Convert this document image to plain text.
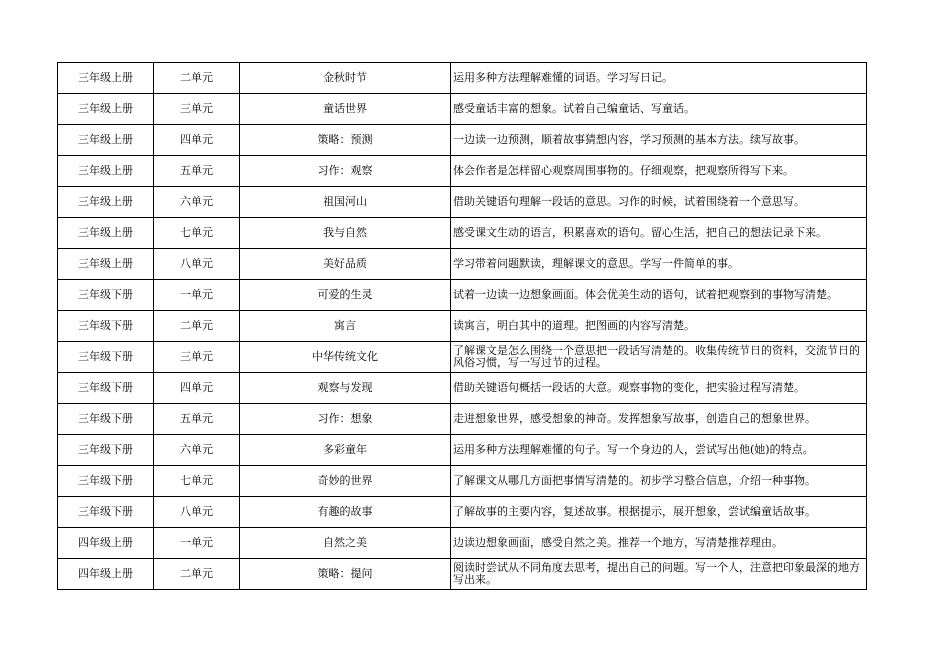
三年级上册	二单元	金秋时节	运用多种方法理解难懂的词语。学习写日记。
三年级上册	三单元	童话世界	感受童话丰富的想象。试着自己编童话、写童话。
三年级上册	四单元	策略：预测	一边读一边预测，顺着故事猜想内容，学习预测的基本方法。续写故事。
三年级上册	五单元	习作：观察	体会作者是怎样留心观察周围事物的。仔细观察，把观察所得写下来。
三年级上册	六单元	祖国河山	借助关键语句理解一段话的意思。习作的时候，试着围绕着一个意思写。
三年级上册	七单元	我与自然	感受课文生动的语言，积累喜欢的语句。留心生活，把自己的想法记录下来。
三年级上册	八单元	美好品质	学习带着问题默读，理解课文的意思。学写一件简单的事。
三年级下册	一单元	可爱的生灵	试着一边读一边想象画面。体会优美生动的语句，试着把观察到的事物写清楚。
三年级下册	二单元	寓言	读寓言，明白其中的道理。把图画的内容写清楚。
三年级下册	三单元	中华传统文化	了解课文是怎么围绕一个意思把一段话写清楚的。收集传统节日的资料，交流节日的风俗习惯，写一写过节的过程。
三年级下册	四单元	观察与发现	借助关键语句概括一段话的大意。观察事物的变化，把实验过程写清楚。
三年级下册	五单元	习作：想象	走进想象世界，感受想象的神奇。发挥想象写故事，创造自己的想象世界。
三年级下册	六单元	多彩童年	运用多种方法理解难懂的句子。写一个身边的人，尝试写出他(她)的特点。
三年级下册	七单元	奇妙的世界	了解课文从哪几方面把事情写清楚的。初步学习整合信息，介绍一种事物。
三年级下册	八单元	有趣的故事	了解故事的主要内容，复述故事。根据提示，展开想象，尝试编童话故事。
四年级上册	一单元	自然之美	边读边想象画面，感受自然之美。推荐一个地方，写清楚推荐理由。
四年级上册	二单元	策略：提问	阅读时尝试从不同角度去思考，提出自己的问题。写一个人，注意把印象最深的地方写出来。
